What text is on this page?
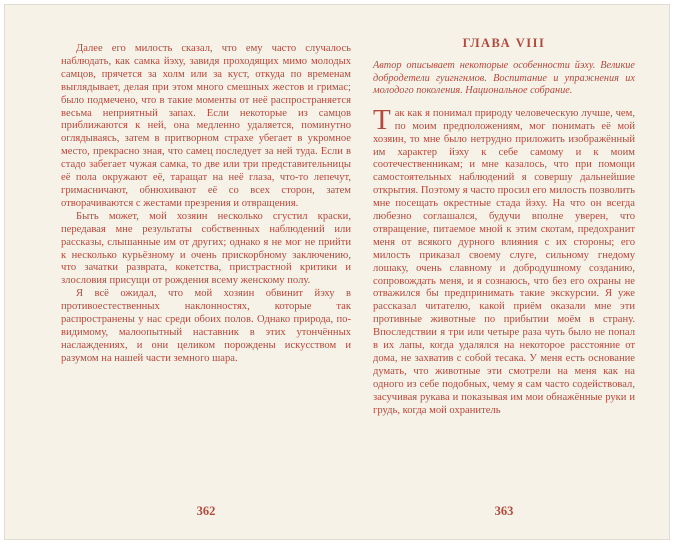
Далее его милость сказал, что ему часто случалось наблюдать, как самка йэху, завидя проходящих мимо молодых самцов, прячется за холм или за куст, откуда по временам выглядывает, делая при этом много смешных жестов и гримас; было подмечено, что в такие моменты от неё распространяется весьма неприятный запах. Если некоторые из самцов приближаются к ней, она медленно удаляется, поминутно оглядываясь, затем в притворном страхе убегает в укромное место, прекрасно зная, что самец последует за ней туда. Если в стадо забегает чужая самка, то две или три представительницы её пола окружают её, таращат на неё глаза, что-то лепечут, гримасничают, обнюхивают её со всех сторон, затем отворачиваются с жестами презрения и отвращения.

Быть может, мой хозяин несколько сгустил краски, передавая мне результаты собственных наблюдений или рассказы, слышанные им от других; однако я не мог не прийти к несколько курьёзному и очень прискорбному заключению, что зачатки разврата, кокетства, пристрастной критики и злословия присущи от рождения всему женскому полу.

Я всё ожидал, что мой хозяин обвинит йэху в противоестественных наклонностях, которые так распространены у нас среди обоих полов. Однако природа, по-видимому, малоопытный наставник в этих утончённых наслаждениях, и они целиком порождены искусством и разумом на нашей части земного шара.

362
ГЛАВА VIII

Автор описывает некоторые особенности йэху. Великие добродетели гуигнгнмов. Воспитание и упражнения их молодого поколения. Национальное собрание.

Так как я понимал природу человеческую лучше, чем, по моим предположениям, мог понимать её мой хозяин, то мне было нетрудно приложить изображённый им характер йэху к себе самому и к моим соотечественникам; и мне казалось, что при помощи самостоятельных наблюдений я совершу дальнейшие открытия. Поэтому я часто просил его милость позволить мне посещать окрестные стада йэху. На что он всегда любезно соглашался, будучи вполне уверен, что отвращение, питаемое мной к этим скотам, предохранит меня от всякого дурного влияния с их стороны; его милость приказал своему слуге, сильному гнедому лошаку, очень славному и добродушному созданию, сопровождать меня, и я сознаюсь, что без его охраны не отважился бы предпринимать такие экскурсии. Я уже рассказал читателю, какой приём оказали мне эти противные животные по прибытии моём в страну. Впоследствии я три или четыре раза чуть было не попал в их лапы, когда удалялся на некоторое расстояние от дома, не захватив с собой тесака. У меня есть основание думать, что животные эти смотрели на меня как на одного из себе подобных, чему я сам часто содействовал, засучивая рукава и показывая им мои обнажённые руки и грудь, когда мой охранитель

363
